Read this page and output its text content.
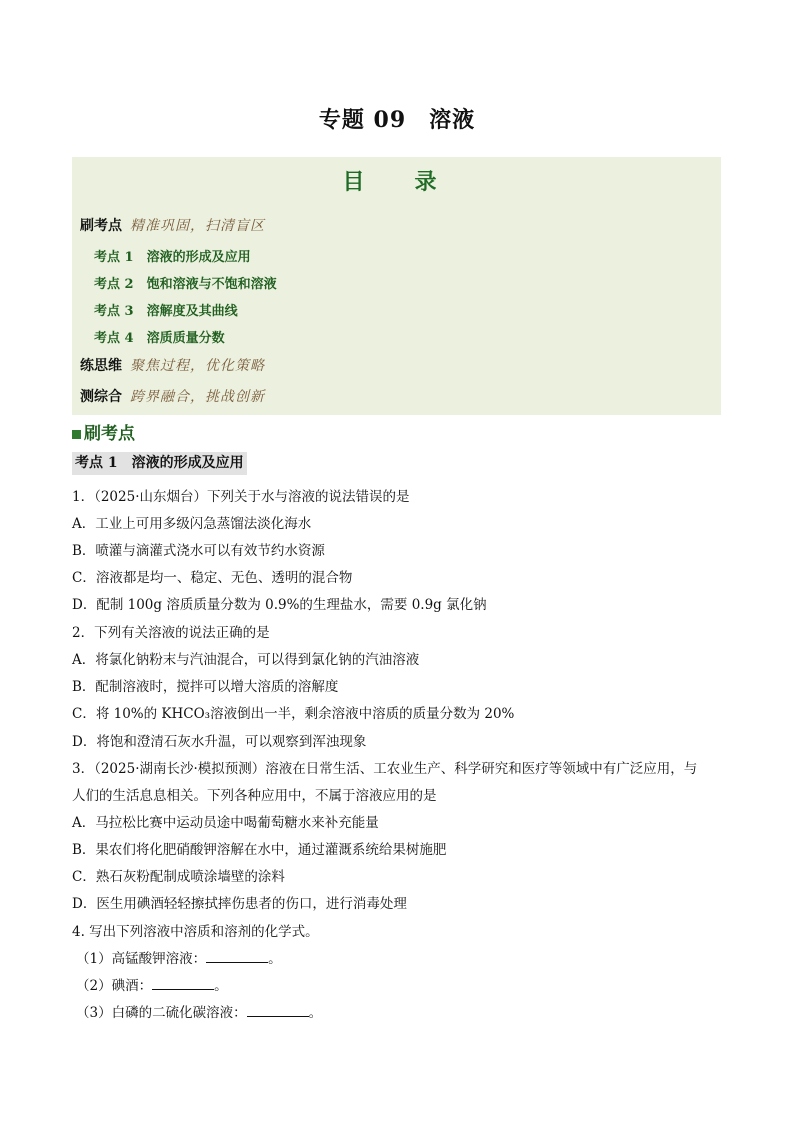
专题 09　溶液
目　录
刷考点 精准巩固，扫清盲区
考点 1　溶液的形成及应用
考点 2　饱和溶液与不饱和溶液
考点 3　溶解度及其曲线
考点 4　溶质质量分数
练思维 聚焦过程，优化策略
测综合 跨界融合，挑战创新
刷考点
考点 1　溶液的形成及应用
1．（2025·山东烟台）下列关于水与溶液的说法错误的是
A．工业上可用多级闪急蒸馏法淡化海水
B．喷灌与滴灌式浇水可以有效节约水资源
C．溶液都是均一、稳定、无色、透明的混合物
D．配制 100g 溶质质量分数为 0.9%的生理盐水，需要 0.9g 氯化钠
2．下列有关溶液的说法正确的是
A．将氯化钠粉末与汽油混合，可以得到氯化钠的汽油溶液
B．配制溶液时，搅拌可以增大溶质的溶解度
C．将 10%的 KHCO₃溶液倒出一半，剩余溶液中溶质的质量分数为 20%
D．将饱和澄清石灰水升温，可以观察到浑浊现象
3．（2025·湖南长沙·模拟预测）溶液在日常生活、工农业生产、科学研究和医疗等领域中有广泛应用，与
人们的生活息息相关。下列各种应用中，不属于溶液应用的是
A．马拉松比赛中运动员途中喝葡萄糖水来补充能量
B．果农们将化肥硝酸钾溶解在水中，通过灌溉系统给果树施肥
C．熟石灰粉配制成喷涂墙壁的涂料
D．医生用碘酒轻轻擦拭摔伤患者的伤口，进行消毒处理
4. 写出下列溶液中溶质和溶剂的化学式。
（1）高锰酸钾溶液：	。
（2）碘酒：	。
（3）白磷的二硫化碳溶液：	。
